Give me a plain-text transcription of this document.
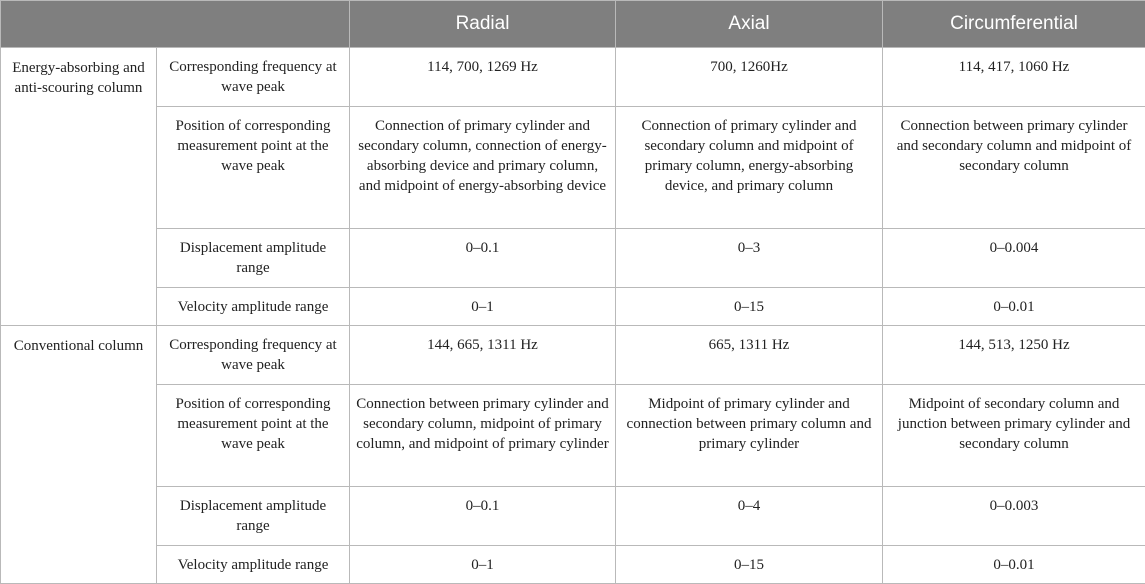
		Radial	Axial	Circumferential
Energy-absorbing and anti-scouring column	Corresponding frequency at wave peak	114, 700, 1269 Hz	700, 1260Hz	114, 417, 1060 Hz
	Position of corresponding measurement point at the wave peak	Connection of primary cylinder and secondary column, connection of energy-absorbing device and primary column, and midpoint of energy-absorbing device	Connection of primary cylinder and secondary column and midpoint of primary column, energy-absorbing device, and primary column	Connection between primary cylinder and secondary column and midpoint of secondary column
	Displacement amplitude range	0–0.1	0–3	0–0.004
	Velocity amplitude range	0–1	0–15	0–0.01
Conventional column	Corresponding frequency at wave peak	144, 665, 1311 Hz	665, 1311 Hz	144, 513, 1250 Hz
	Position of corresponding measurement point at the wave peak	Connection between primary cylinder and secondary column, midpoint of primary column, and midpoint of primary cylinder	Midpoint of primary cylinder and connection between primary column and primary cylinder	Midpoint of secondary column and junction between primary cylinder and secondary column
	Displacement amplitude range	0–0.1	0–4	0–0.003
	Velocity amplitude range	0–1	0–15	0–0.01
